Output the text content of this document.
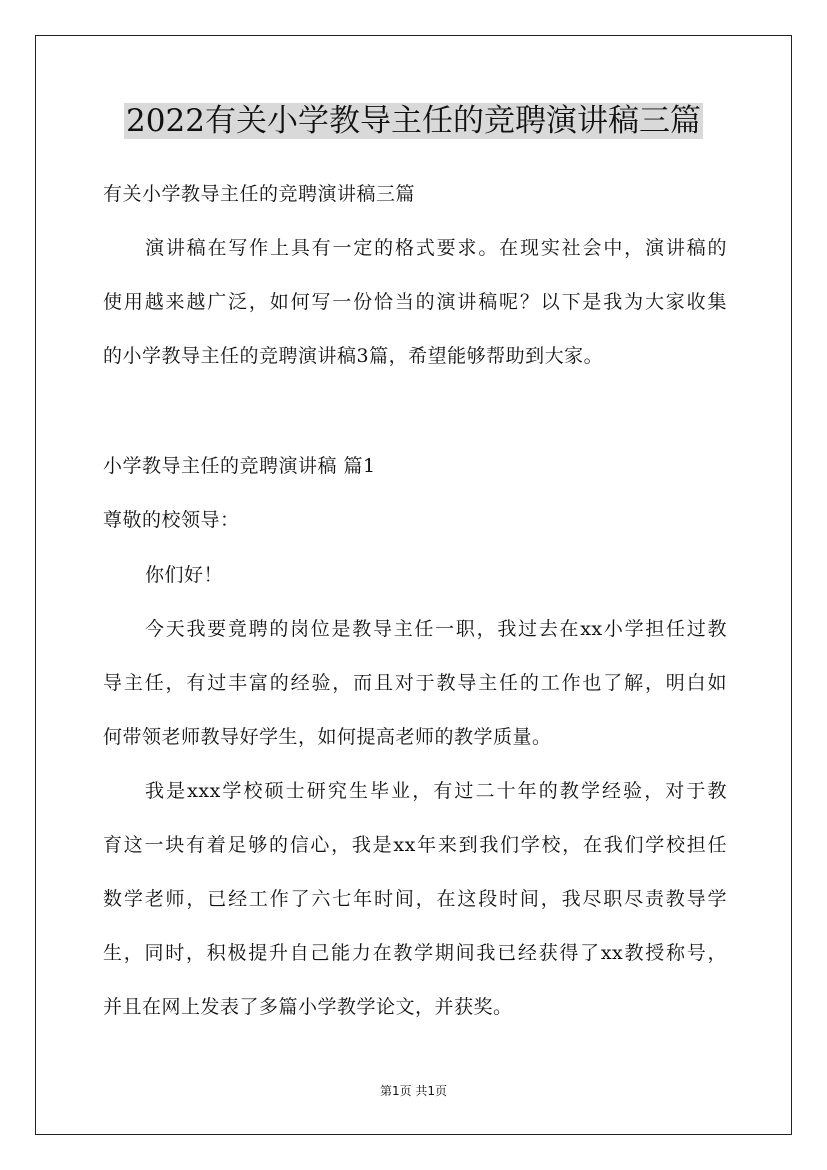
2022有关小学教导主任的竞聘演讲稿三篇
有关小学教导主任的竞聘演讲稿三篇
演讲稿在写作上具有一定的格式要求。在现实社会中，演讲稿的
使用越来越广泛，如何写一份恰当的演讲稿呢？以下是我为大家收集
的小学教导主任的竞聘演讲稿3篇，希望能够帮助到大家。
小学教导主任的竞聘演讲稿 篇1
尊敬的校领导：
你们好！
今天我要竟聘的岗位是教导主任一职，我过去在xx小学担任过教
导主任，有过丰富的经验，而且对于教导主任的工作也了解，明白如
何带领老师教导好学生，如何提高老师的教学质量。
我是xxx学校硕士研究生毕业，有过二十年的教学经验，对于教
育这一块有着足够的信心，我是xx年来到我们学校，在我们学校担任
数学老师，已经工作了六七年时间，在这段时间，我尽职尽责教导学
生，同时，积极提升自己能力在教学期间我已经获得了xx教授称号，
并且在网上发表了多篇小学教学论文，并获奖。
第1页 共1页
